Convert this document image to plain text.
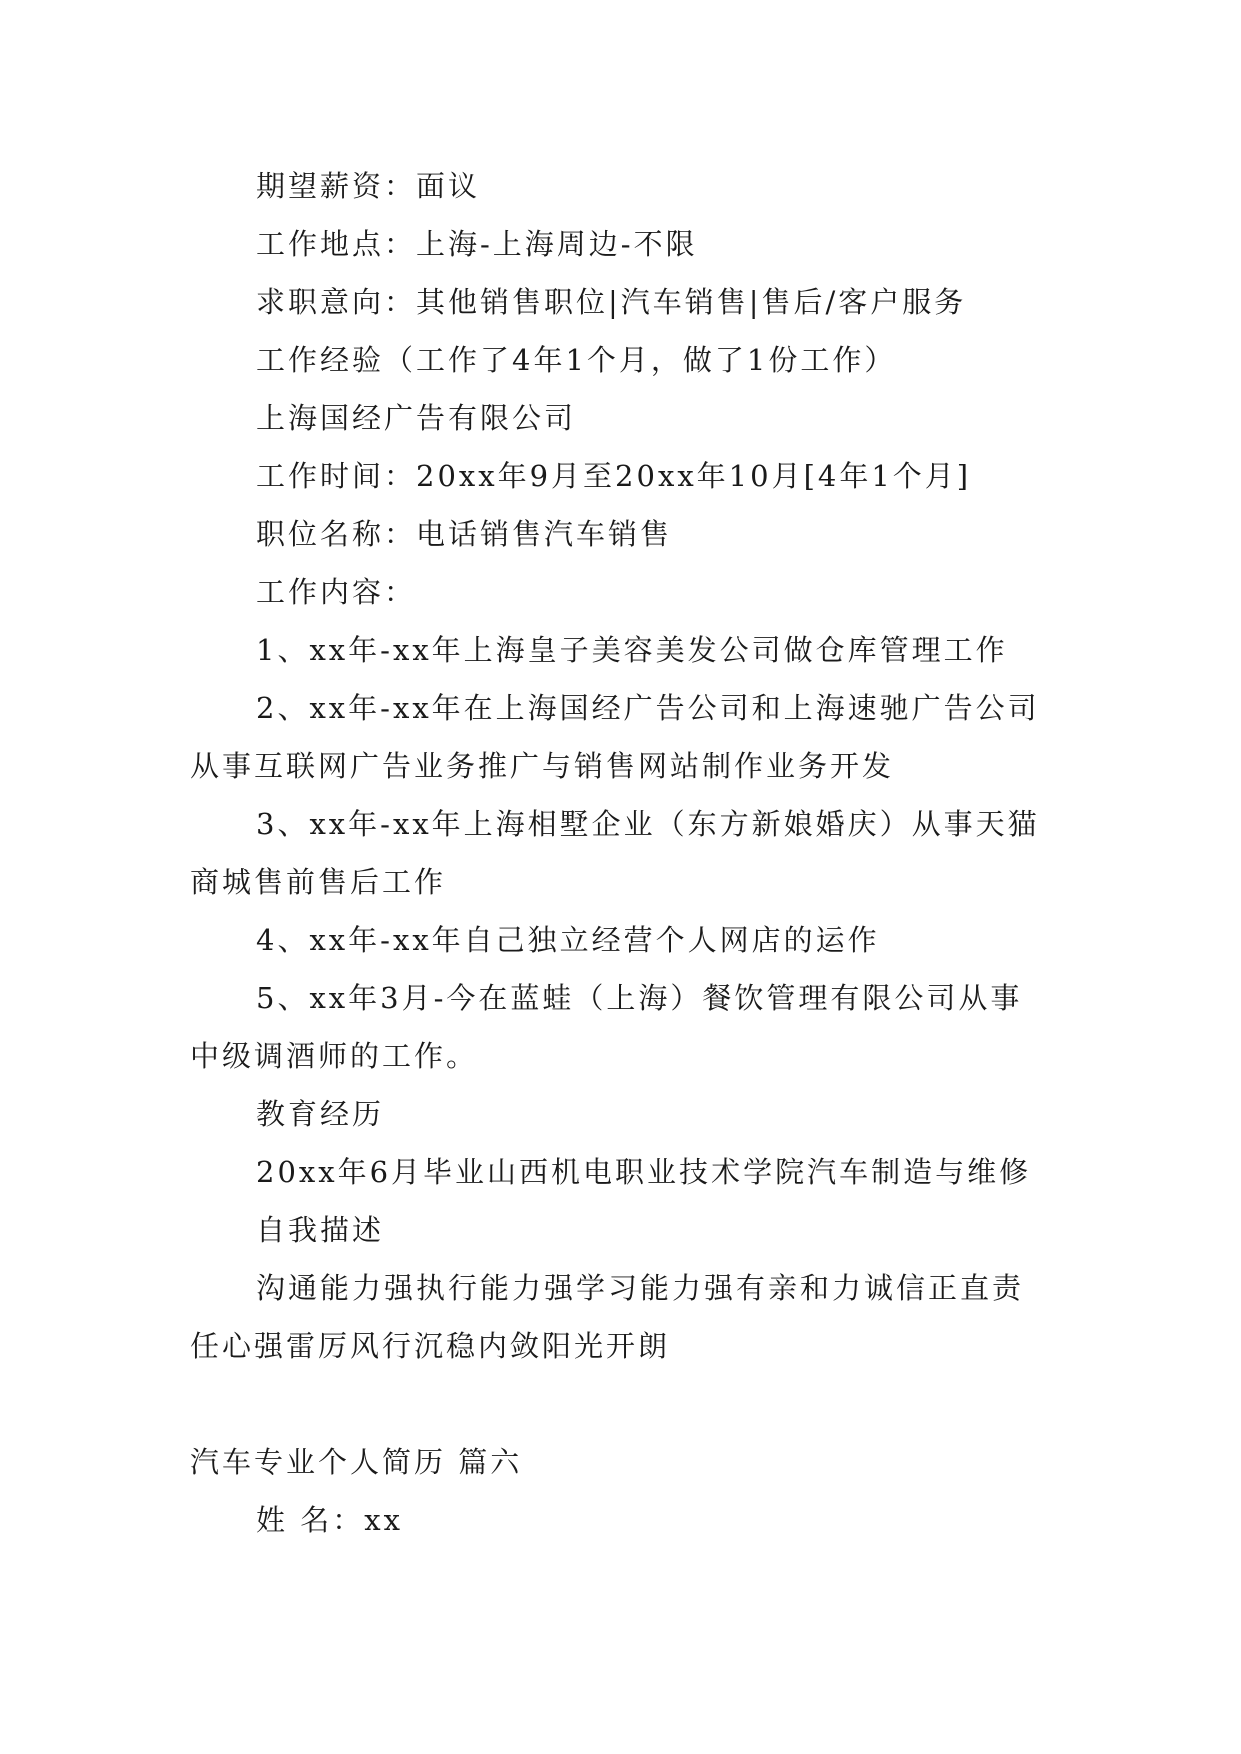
期望薪资：面议
工作地点：上海-上海周边-不限
求职意向：其他销售职位|汽车销售|售后/客户服务
工作经验（工作了4年1个月，做了1份工作）
上海国经广告有限公司
工作时间：20xx年9月至20xx年10月[4年1个月]
职位名称：电话销售汽车销售
工作内容：
1、xx年-xx年上海皇子美容美发公司做仓库管理工作

2、xx年-xx年在上海国经广告公司和上海速驰广告公司从事互联网广告业务推广与销售网站制作业务开发

3、xx年-xx年上海相墅企业（东方新娘婚庆）从事天猫商城售前售后工作

4、xx年-xx年自己独立经营个人网店的运作

5、xx年3月-今在蓝蛙（上海）餐饮管理有限公司从事中级调酒师的工作。

教育经历
20xx年6月毕业山西机电职业技术学院汽车制造与维修
自我描述

沟通能力强执行能力强学习能力强有亲和力诚信正直责任心强雷厉风行沉稳内敛阳光开朗

汽车专业个人简历 篇六
姓 名：xx
